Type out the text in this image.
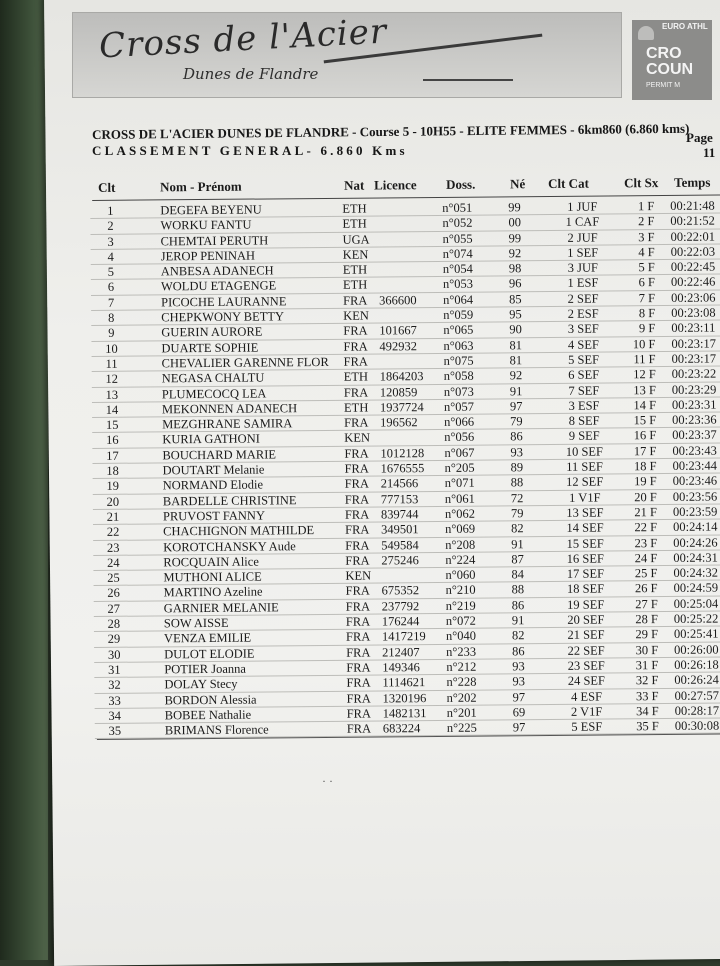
Cross de l'Acier
Dunes de Flandre
EURO ATHL
CRO COUN
PERMIT M
CROSS DE L'ACIER DUNES DE FLANDRE - Course 5 - 10H55 - ELITE FEMMES - 6km860 (6.860 kms)
Page
CLASSEMENT GENERAL- 6.860 Kms	11
Clt	Nom - Prénom	Nat Licence Doss.	Né Clt Cat	Clt Sx Temps
1	DEGEFA BEYENU	ETH	n°051	99	1 JUF	1 F 00:21:48
2	WORKU FANTU	ETH	n°052	00	1 CAF	2 F 00:21:52
3	CHEMTAI PERUTH	UGA	n°055	99	2 JUF	3 F 00:22:01
4	JEROP PENINAH	KEN	n°074	92	1 SEF	4 F 00:22:03
5	ANBESA ADANECH	ETH	n°054	98	3 JUF	5 F 00:22:45
6	WOLDU ETAGENGE	ETH	n°053	96	1 ESF	6 F 00:22:46
7	PICOCHE LAURANNE	FRA 366600 n°064	85	2 SEF	7 F 00:23:06
8	CHEPKWONY BETTY	KEN	n°059	95	2 ESF	8 F 00:23:08
9	GUERIN AURORE	FRA 101667 n°065	90	3 SEF	9 F 00:23:11
10	DUARTE SOPHIE	FRA 492932 n°063	81	4 SEF	10 F 00:23:17
11	CHEVALIER GARENNE FLOR	FRA	n°075	81	5 SEF	11 F 00:23:17
12	NEGASA CHALTU	ETH 1864203 n°058	92	6 SEF	12 F 00:23:22
13	PLUMECOCQ LEA	FRA 120859 n°073	91	7 SEF	13 F 00:23:29
14	MEKONNEN ADANECH	ETH 1937724 n°057	97	3 ESF	14 F 00:23:31
15	MEZGHRANE SAMIRA	FRA 196562 n°066	79	8 SEF	15 F 00:23:36
16	KURIA GATHONI	KEN	n°056	86	9 SEF	16 F 00:23:37
17	BOUCHARD MARIE	FRA 1012128 n°067	93	10 SEF	17 F 00:23:43
18	DOUTART Melanie	FRA 1676555 n°205	89	11 SEF	18 F 00:23:44
19	NORMAND Elodie	FRA 214566 n°071	88	12 SEF	19 F 00:23:46
20	BARDELLE CHRISTINE	FRA 777153 n°061	72	1 V1F	20 F 00:23:56
21	PRUVOST FANNY	FRA 839744 n°062	79	13 SEF	21 F 00:23:59
22	CHACHIGNON MATHILDE	FRA 349501 n°069	82	14 SEF	22 F 00:24:14
23	KOROTCHANSKY Aude	FRA 549584 n°208	91	15 SEF	23 F 00:24:26
24	ROCQUAIN Alice	FRA 275246 n°224	87	16 SEF	24 F 00:24:31
25	MUTHONI ALICE	KEN	n°060	84	17 SEF	25 F 00:24:32
26	MARTINO Azeline	FRA 675352 n°210	88	18 SEF	26 F 00:24:59
27	GARNIER MELANIE	FRA 237792 n°219	86	19 SEF	27 F 00:25:04
28	SOW AISSE	FRA 176244 n°072	91	20 SEF	28 F 00:25:22
29	VENZA EMILIE	FRA 1417219 n°040	82	21 SEF	29 F 00:25:41
30	DULOT ELODIE	FRA 212407 n°233	86	22 SEF	30 F 00:26:00
31	POTIER Joanna	FRA 149346 n°212	93	23 SEF	31 F 00:26:18
32	DOLAY Stecy	FRA 1114621 n°228	93	24 SEF	32 F 00:26:24
33	BORDON Alessia	FRA 1320196 n°202	97	4 ESF	33 F 00:27:57
34	BOBEE Nathalie	FRA 1482131 n°201	69	2 V1F	34 F 00:28:17
35	BRIMANS Florence	FRA 683224 n°225	97	5 ESF	35 F 00:30:08
· ·
